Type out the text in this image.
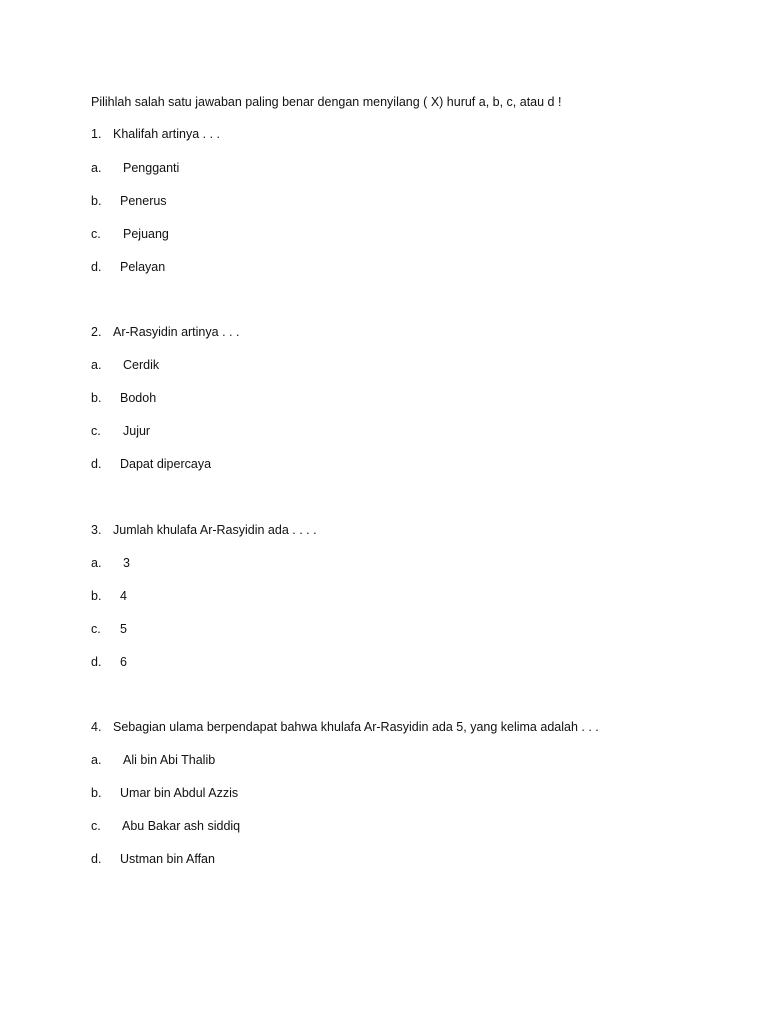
Pilihlah salah satu jawaban paling benar dengan menyilang ( X) huruf a, b, c, atau d !
1. Khalifah artinya . . .
a. Pengganti
b. Penerus
c. Pejuang
d. Pelayan
2. Ar-Rasyidin artinya . . .
a. Cerdik
b. Bodoh
c. Jujur
d. Dapat dipercaya
3. Jumlah khulafa Ar-Rasyidin ada . . . .
a. 3
b. 4
c. 5
d. 6
4. Sebagian ulama berpendapat bahwa khulafa Ar-Rasyidin ada 5, yang kelima adalah . . .
a. Ali bin Abi Thalib
b. Umar bin Abdul Azzis
c. Abu Bakar ash siddiq
d. Ustman bin Affan
